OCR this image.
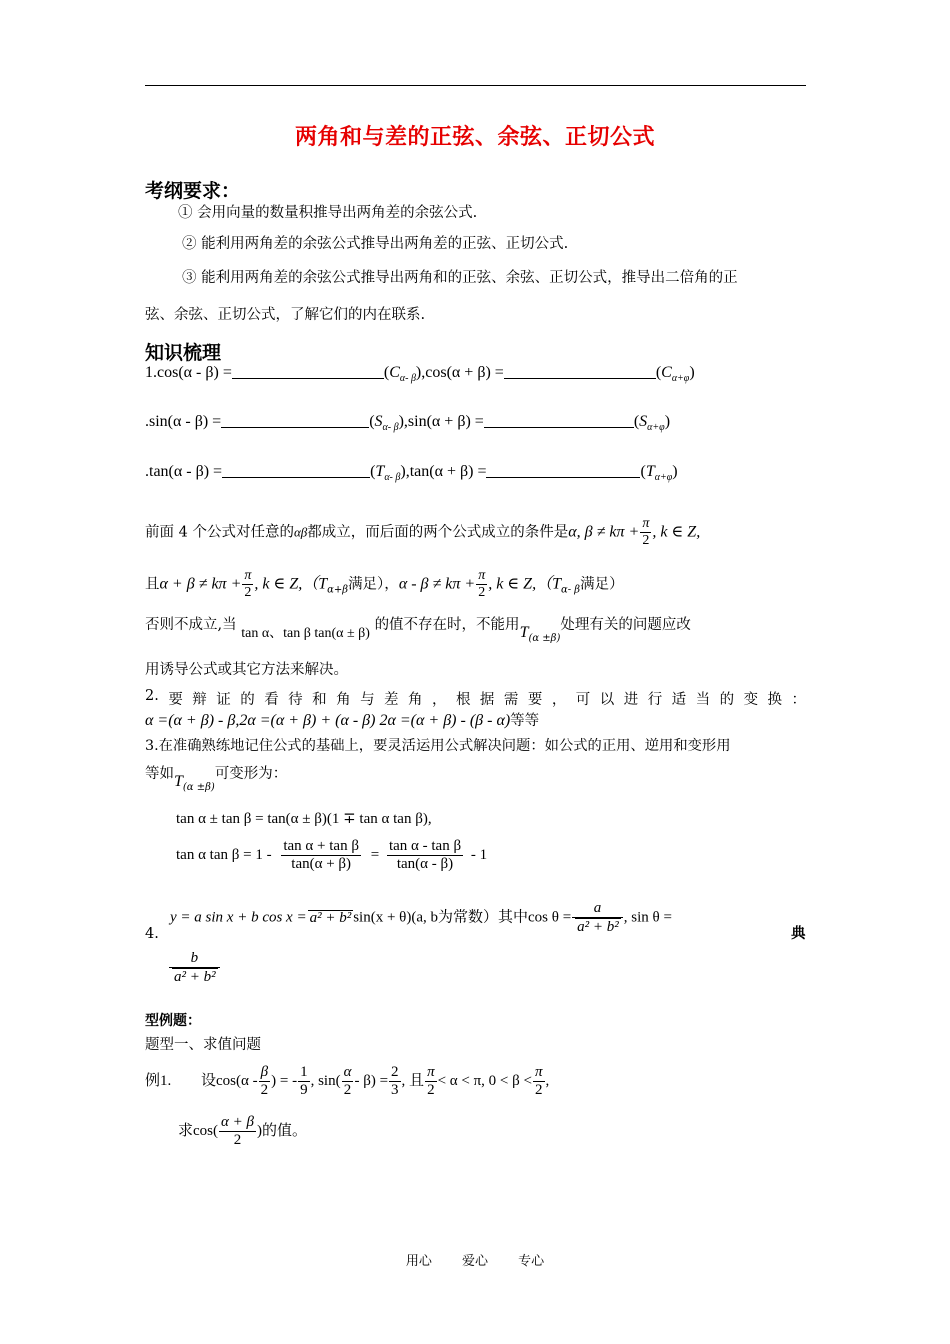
两角和与差的正弦、余弦、正切公式
考纲要求：
① 会用向量的数量积推导出两角差的余弦公式.
② 能利用两角差的余弦公式推导出两角差的正弦、正切公式.
③ 能利用两角差的余弦公式推导出两角和的正弦、余弦、正切公式，推导出二倍角的正
弦、余弦、正切公式，了解它们的内在联系.
知识梳理
1.cos(α - β) =	$(C_{\alpha- \beta}),\cos(\alpha + \beta)$ =	$(C_{\alpha+\varphi})$
.sin(α - β) =	$(S_{\alpha- \beta}),\sin(\alpha + \beta)$ =	$(S_{\alpha+\varphi})$
.tan(α - β) =	$(T_{\alpha- \beta}),\tan(\alpha + \beta)$ =	$(T_{\alpha+\varphi})$
前面 4 个公式对任意的αβ都成立，而后面的两个公式成立的条件是α, $\beta \ne k\pi + \frac{\pi}{2}$ , k ∈ Z,
且$\alpha + \beta \ne k\pi + \frac{\pi}{2}$ , k ∈ $Z,(T_{\alpha+\beta}$满足），$\alpha - \beta \ne k\pi + \frac{\pi}{2}$ , k ∈ $Z,(T_{\alpha- \beta}$满足）
否则不成立,当 tan α、tan β tan(α ± β) 的值不存在时，不能用$T_{(\alpha \pm\beta)}$处理有关的问题应改
用诱导公式或其它方法来解决。
2. 要 辩 证 的 看 待 和 角 与 差 角 ， 根 据 需 要 ， 可 以 进 行 适 当 的 变 换 ：
α =(α + β) - β,2α =(α + β) + (α - β) 2α =(α + β) - (β - α)等等
3.在准确熟练地记住公式的基础上，要灵活运用公式解决问题：如公式的正用、逆用和变形用
等如$T_{(\alpha \pm\beta)}$可变形为：
tan α ± tan β = tan(α ± β)(1 ∓ tan α tan β),
tan α $\tan \beta = 1 - \frac{\text{tan α + tan β}}{\tan(\alpha + \beta)} = \frac{\text{tan α - tan β}}{\tan(\alpha - \beta)} - 1$
4.
y = a sin x + b cos x = a² + b² sin(x + θ)(a, b为常数）其中$\cos \theta = \frac{a}{\text{a² + b²}}$ , sin θ =
典
$\frac{b}{\text{a² + b²}}$
型例题：
题型一、求值问题
例1. 设$\cos(\alpha - \frac{\beta}{2}$ ) = - $\frac{1}{9}$ , $\sin( \frac{\alpha}{2} - \beta) = \frac{2}{3}$ , 且 $\frac{\pi}{2} < \alpha < \pi$, $0 < \beta < \frac{\pi}{2}$ ,
求$\cos( \frac{\alpha + \beta}{2}$ )的值。
用心 爱心 专心
